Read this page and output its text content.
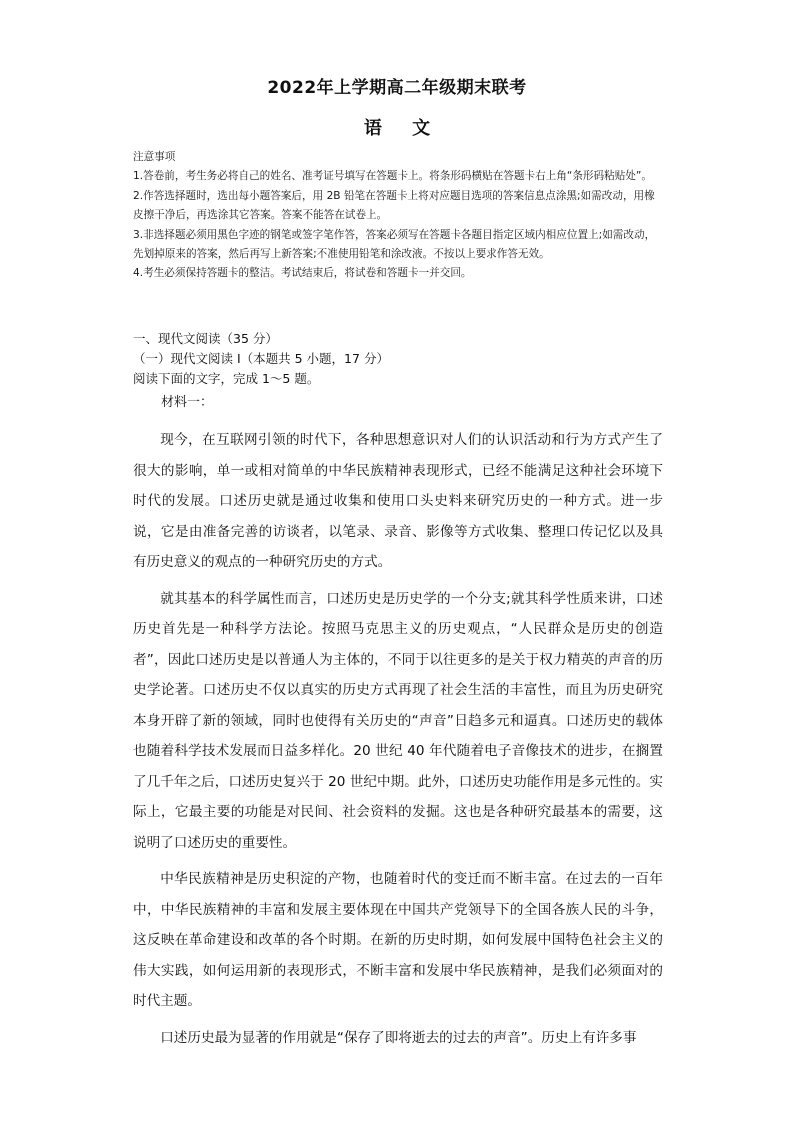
2022年上学期高二年级期末联考
语 文

注意事项

1.答卷前，考生务必将自己的姓名、准考证号填写在答题卡上。将条形码横贴在答题卡右上角“条形码粘贴处”。

2.作答选择题时，选出每小题答案后，用 2B 铅笔在答题卡上将对应题目选项的答案信息点涂黑;如需改动，用橡皮擦干净后，再选涂其它答案。答案不能答在试卷上。

3.非选择题必须用黑色字迹的钢笔或签字笔作答，答案必须写在答题卡各题目指定区域内相应位置上;如需改动，先划掉原来的答案，然后再写上新答案;不准使用铅笔和涂改液。不按以上要求作答无效。

4.考生必须保持答题卡的整洁。考试结束后，将试卷和答题卡一并交回。

一、现代文阅读（35 分）
（一）现代文阅读 I（本题共 5 小题，17 分）
阅读下面的文字，完成 1～5 题。
材料一：

现今，在互联网引领的时代下，各种思想意识对人们的认识活动和行为方式产生了很大的影响，单一或相对简单的中华民族精神表现形式，已经不能满足这种社会环境下时代的发展。口述历史就是通过收集和使用口头史料来研究历史的一种方式。进一步说，它是由准备完善的访谈者，以笔录、录音、影像等方式收集、整理口传记忆以及具有历史意义的观点的一种研究历史的方式。

就其基本的科学属性而言，口述历史是历史学的一个分支;就其科学性质来讲，口述历史首先是一种科学方法论。按照马克思主义的历史观点，“人民群众是历史的创造者”，因此口述历史是以普通人为主体的，不同于以往更多的是关于权力精英的声音的历史学论著。口述历史不仅以真实的历史方式再现了社会生活的丰富性，而且为历史研究本身开辟了新的领域，同时也使得有关历史的“声音”日趋多元和逼真。口述历史的载体也随着科学技术发展而日益多样化。20 世纪 40 年代随着电子音像技术的进步，在搁置了几千年之后，口述历史复兴于 20 世纪中期。此外，口述历史功能作用是多元性的。实际上，它最主要的功能是对民间、社会资料的发掘。这也是各种研究最基本的需要，这说明了口述历史的重要性。

中华民族精神是历史积淀的产物，也随着时代的变迁而不断丰富。在过去的一百年中，中华民族精神的丰富和发展主要体现在中国共产党领导下的全国各族人民的斗争，这反映在革命建设和改革的各个时期。在新的历史时期，如何发展中国特色社会主义的伟大实践，如何运用新的表现形式，不断丰富和发展中华民族精神，是我们必须面对的时代主题。

口述历史最为显著的作用就是“保存了即将逝去的过去的声音”。历史上有许多事
